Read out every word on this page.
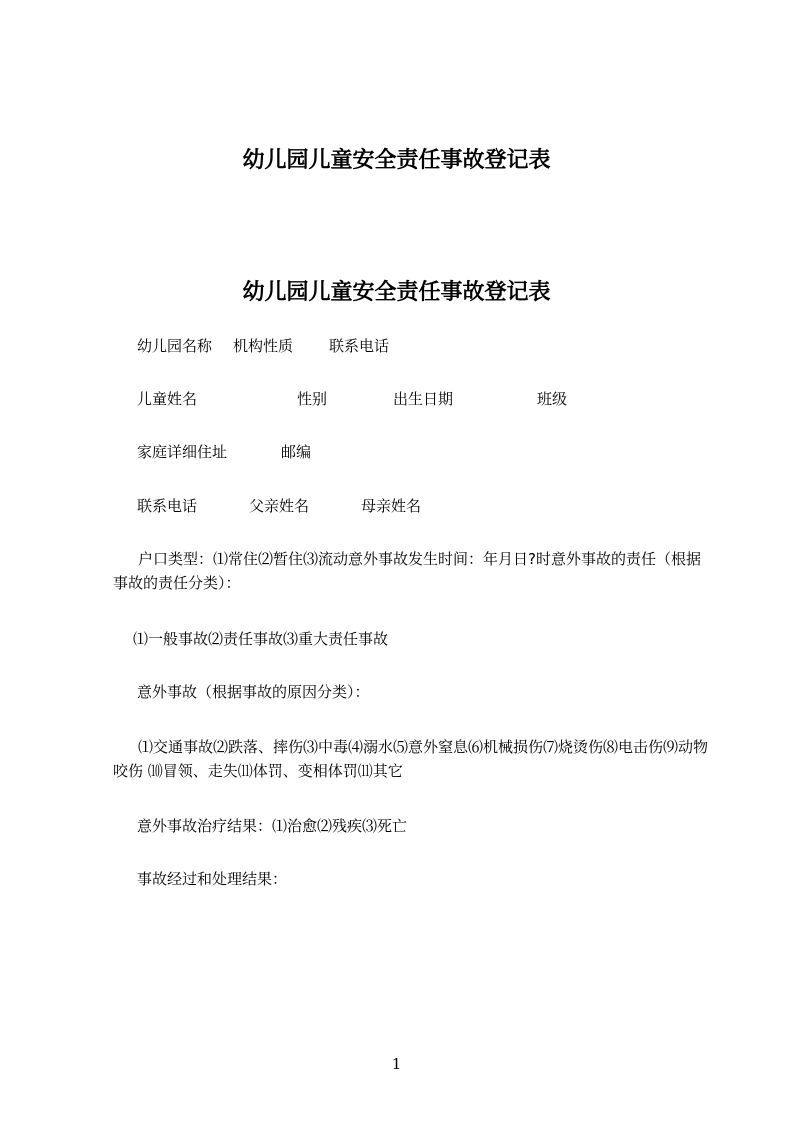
幼儿园儿童安全责任事故登记表
幼儿园儿童安全责任事故登记表
幼儿园名称 机构性质 联系电话
儿童姓名	性别	出生日期	班级
家庭详细住址	邮编
联系电话	父亲姓名	母亲姓名
户口类型：⑴常住⑵暂住⑶流动意外事故发生时间：年月日?时意外事故的责任（根据事故的责任分类）：
⑴一般事故⑵责任事故⑶重大责任事故
意外事故（根据事故的原因分类）：
⑴交通事故⑵跌落、摔伤⑶中毒⑷溺水⑸意外窒息⑹机械损伤⑺烧烫伤⑻电击伤⑼动物咬伤 ⑽冒领、走失⑾体罚、变相体罚⑾其它
意外事故治疗结果：⑴治愈⑵残疾⑶死亡
事故经过和处理结果：
1
